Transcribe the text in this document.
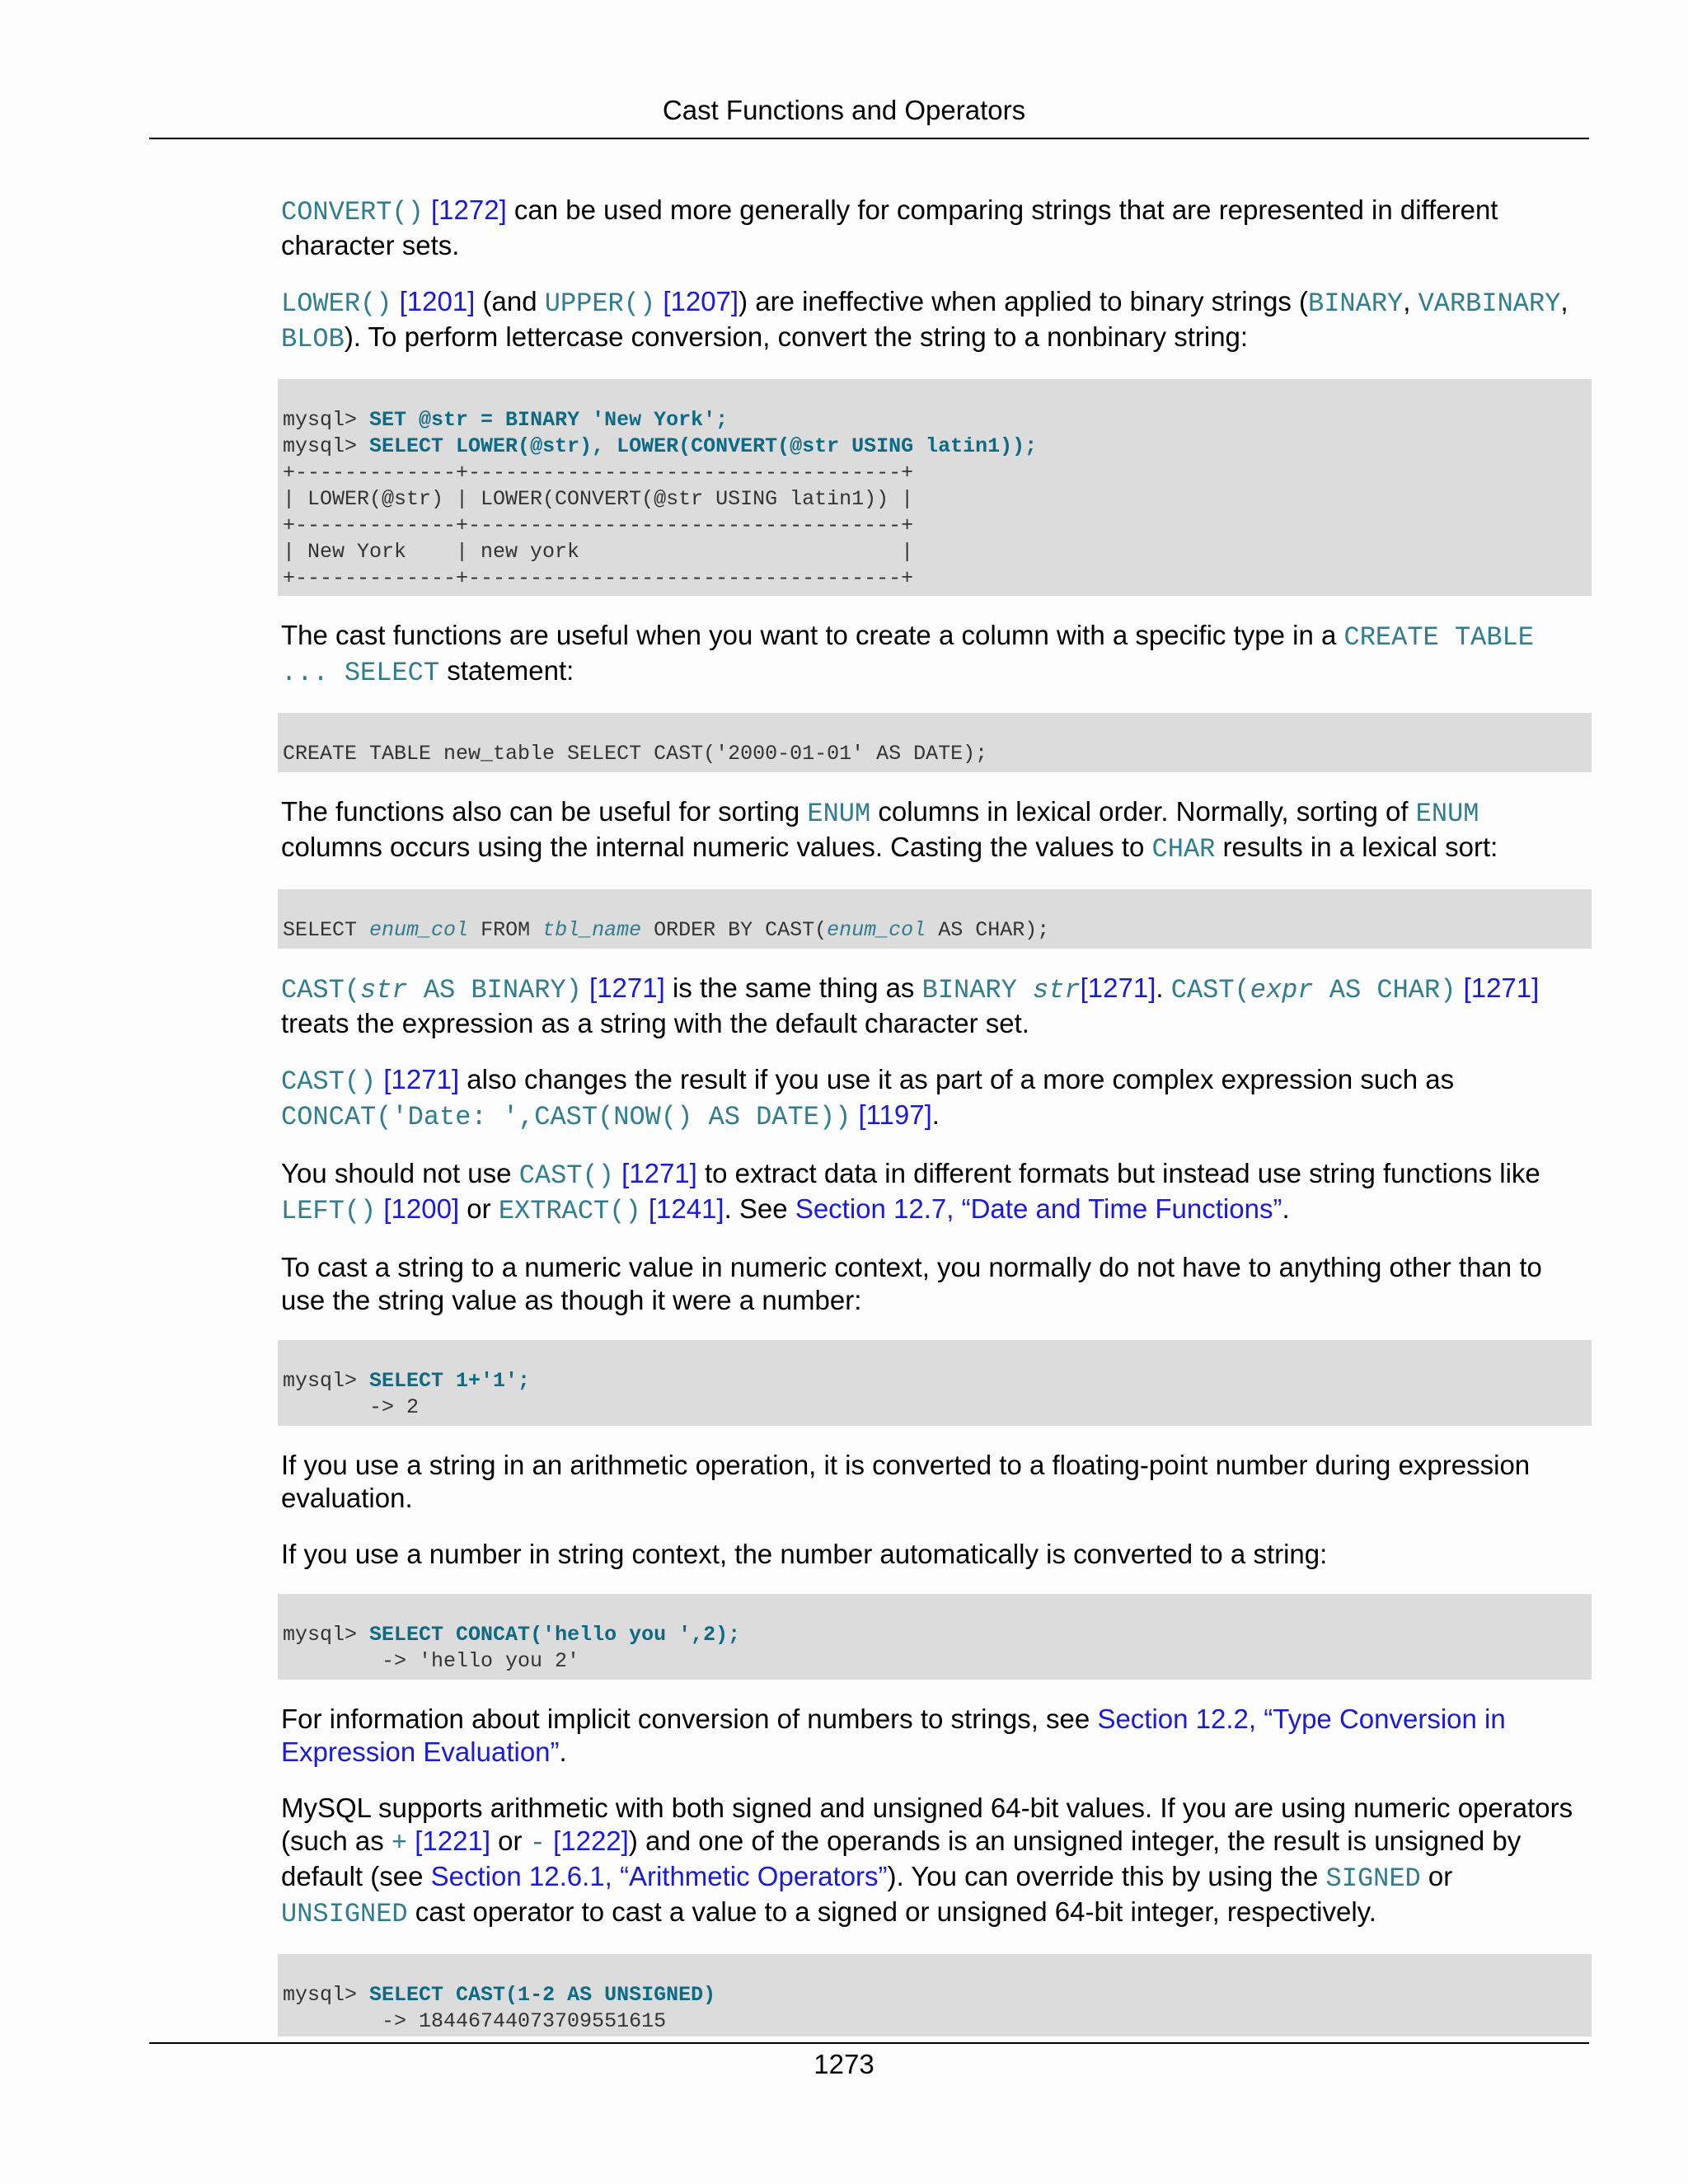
Cast Functions and Operators

CONVERT() [1272] can be used more generally for comparing strings that are represented in different character sets.

LOWER() [1201] (and UPPER() [1207]) are ineffective when applied to binary strings (BINARY, VARBINARY, BLOB). To perform lettercase conversion, convert the string to a nonbinary string:

mysql> SET @str = BINARY 'New York';
mysql> SELECT LOWER(@str), LOWER(CONVERT(@str USING latin1));
+-------------+-----------------------------------+
| LOWER(@str) | LOWER(CONVERT(@str USING latin1)) |
+-------------+-----------------------------------+
| New York    | new york                          |
+-------------+-----------------------------------+

The cast functions are useful when you want to create a column with a specific type in a CREATE TABLE ... SELECT statement:

CREATE TABLE new_table SELECT CAST('2000-01-01' AS DATE);

The functions also can be useful for sorting ENUM columns in lexical order. Normally, sorting of ENUM columns occurs using the internal numeric values. Casting the values to CHAR results in a lexical sort:

SELECT enum_col FROM tbl_name ORDER BY CAST(enum_col AS CHAR);

CAST(str AS BINARY) [1271] is the same thing as BINARY str[1271]. CAST(expr AS CHAR) [1271] treats the expression as a string with the default character set.

CAST() [1271] also changes the result if you use it as part of a more complex expression such as CONCAT('Date: ',CAST(NOW() AS DATE)) [1197].

You should not use CAST() [1271] to extract data in different formats but instead use string functions like LEFT() [1200] or EXTRACT() [1241]. See Section 12.7, “Date and Time Functions”.

To cast a string to a numeric value in numeric context, you normally do not have to anything other than to use the string value as though it were a number:

mysql> SELECT 1+'1';
-> 2

If you use a string in an arithmetic operation, it is converted to a floating-point number during expression evaluation.

If you use a number in string context, the number automatically is converted to a string:

mysql> SELECT CONCAT('hello you ',2);
-> 'hello you 2'

For information about implicit conversion of numbers to strings, see Section 12.2, “Type Conversion in Expression Evaluation”.

MySQL supports arithmetic with both signed and unsigned 64-bit values. If you are using numeric operators (such as + [1221] or - [1222]) and one of the operands is an unsigned integer, the result is unsigned by default (see Section 12.6.1, “Arithmetic Operators”). You can override this by using the SIGNED or UNSIGNED cast operator to cast a value to a signed or unsigned 64-bit integer, respectively.

mysql> SELECT CAST(1-2 AS UNSIGNED)
-> 18446744073709551615
1273
